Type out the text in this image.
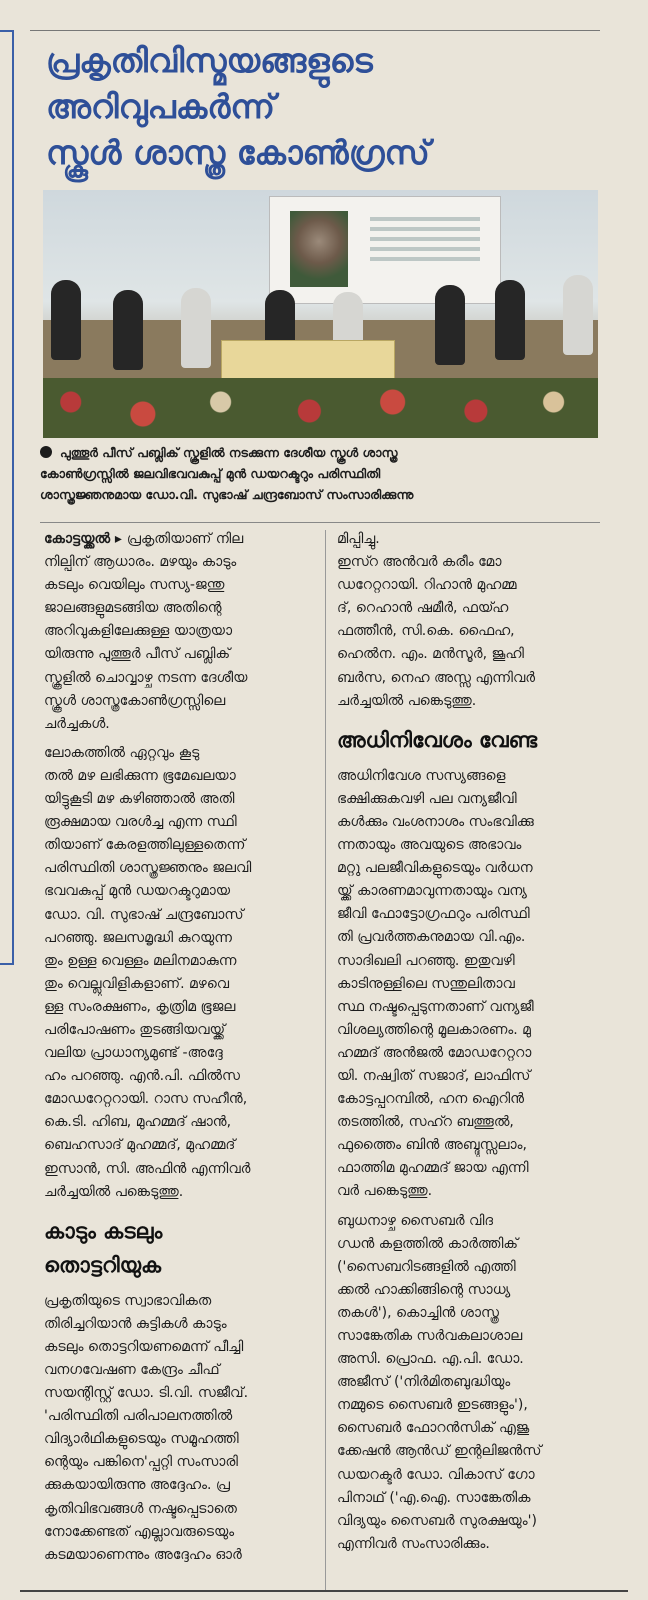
പ്രകൃതിവിസ്മയങ്ങളുടെ
അറിവുപകർന്ന്
സ്കൂൾ ശാസ്ത്ര കോൺഗ്രസ്

പുത്തൂർ പീസ് പബ്ലിക് സ്കൂളിൽ നടക്കുന്ന ദേശീയ സ്കൂൾ ശാസ്ത്ര
കോൺഗ്രസ്സിൽ ജലവിഭവവകുപ്പ് മുൻ ഡയറക്ടറും പരിസ്ഥിതി
ശാസ്ത്രജ്ഞനുമായ ഡോ.വി. സുഭാഷ് ചന്ദ്രബോസ് സംസാരിക്കുന്നു

കോട്ടയ്ക്കൽ ▸ പ്രകൃതിയാണ് നില
നില്പിന് ആധാരം. മഴയും കാടും
കടലും വെയിലും സസ്യ-ജന്തു
ജാലങ്ങളുമടങ്ങിയ അതിന്റെ
അറിവുകളിലേക്കുള്ള യാത്രയാ
യിരുന്നു പുത്തൂർ പീസ് പബ്ലിക്
സ്കൂളിൽ ചൊവ്വാഴ്ച നടന്ന ദേശീയ
സ്കൂൾ ശാസ്ത്രകോൺഗ്രസ്സിലെ
ചർച്ചകൾ.
ലോകത്തിൽ ഏറ്റവും കൂടു
തൽ മഴ ലഭിക്കുന്ന ഭൂമേഖലയാ
യിട്ടുകൂടി മഴ കഴിഞ്ഞാൽ അതി
രൂക്ഷമായ വരൾച്ച എന്ന സ്ഥി
തിയാണ് കേരളത്തിലുള്ളതെന്ന്
പരിസ്ഥിതി ശാസ്ത്രജ്ഞനും ജലവി
ഭവവകുപ്പ് മുൻ ഡയറക്ടറുമായ
ഡോ. വി. സുഭാഷ് ചന്ദ്രബോസ്
പറഞ്ഞു. ജലസമൃദ്ധി കുറയുന്ന
തും ഉള്ള വെള്ളം മലിനമാകുന്ന
തും വെല്ലുവിളികളാണ്. മഴവെ
ള്ള സംരക്ഷണം, കൃത്രിമ ഭൂജല
പരിപോഷണം തുടങ്ങിയവയ്ക്ക്
വലിയ പ്രാധാന്യമുണ്ട് -അദ്ദേ
ഹം പറഞ്ഞു. എൻ.പി. ഫിൽസ
മോഡറേറ്ററായി. റാസ സഹീൻ,
കെ.ടി. ഹിബ, മുഹമ്മദ് ഷാൻ,
ബെഹസാദ് മുഹമ്മദ്, മുഹമ്മദ്
ഇസാൻ, സി. അഫിൻ എന്നിവർ
ചർച്ചയിൽ പങ്കെടുത്തു.
കാടും കടലും
തൊട്ടറിയുക
പ്രകൃതിയുടെ സ്വാഭാവികത
തിരിച്ചറിയാൻ കുട്ടികൾ കാടും
കടലും തൊട്ടറിയണമെന്ന് പീച്ചി
വനഗവേഷണ കേന്ദ്രം ചീഫ്
സയന്റിസ്റ്റ് ഡോ. ടി.വി. സജീവ്.
'പരിസ്ഥിതി പരിപാലനത്തിൽ
വിദ്യാർഥികളുടെയും സമൂഹത്തി
ന്റെയും പങ്കിനെ'പ്പറ്റി സംസാരി
ക്കുകയായിരുന്നു അദ്ദേഹം. പ്ര
കൃതിവിഭവങ്ങൾ നഷ്ടപ്പെടാതെ
നോക്കേണ്ടത് എല്ലാവരുടെയും
കടമയാണെന്നും അദ്ദേഹം ഓർ
മിപ്പിച്ചു.
ഇസ്റ അൻവർ കരീം മോ
ഡറേറ്ററായി. റിഹാൻ മുഹമ്മ
ദ്, റെഹാൻ ഷമീർ, ഫയ്ഹ
ഫത്തീൻ, സി.കെ. ഫൈഹ,
ഹെൽന. എം. മൻസൂർ, ജൂഹി
ബർസ, നെഹ അസ്സ എന്നിവർ
ചർച്ചയിൽ പങ്കെടുത്തു.
അധിനിവേശം വേണ്ട
അധിനിവേശ സസ്യങ്ങളെ
ഭക്ഷിക്കുകവഴി പല വന്യജീവി
കൾക്കും വംശനാശം സംഭവിക്കു
ന്നതായും അവയുടെ അഭാവം
മറ്റു പലജീവികളുടെയും വർധന
യ്ക്ക് കാരണമാവുന്നതായും വന്യ
ജീവി ഫോട്ടോഗ്രഫറും പരിസ്ഥി
തി പ്രവർത്തകനുമായ വി.എം.
സാദിഖലി പറഞ്ഞു. ഇതുവഴി
കാടിനുള്ളിലെ സന്തുലിതാവ
സ്ഥ നഷ്ടപ്പെടുന്നതാണ് വന്യജീ
വിശല്യത്തിന്റെ മൂലകാരണം. മു
ഹമ്മദ് അൻജൽ മോഡറേറ്ററാ
യി. നഷ്വിത് സജാദ്, ലാഫിസ്
കോട്ടപ്പറമ്പിൽ, ഹന ഐറിൻ
തടത്തിൽ, സഹ്റ ബത്തൂൽ,
ഫുത്തൈം ബിൻ അബ്ദുസ്സലാം,
ഫാത്തിമ മുഹമ്മദ് ജായ എന്നി
വർ പങ്കെടുത്തു.
ബുധനാഴ്ച സൈബർ വിദ
ഗ്ധൻ കളത്തിൽ കാർത്തിക്
('സൈബറിടങ്ങളിൽ എത്തി
ക്കൽ ഹാക്കിങ്ങിന്റെ സാധ്യ
തകൾ'), കൊച്ചിൻ ശാസ്ത്ര
സാങ്കേതിക സർവകലാശാല
അസി. പ്രൊഫ. എ.പി. ഡോ.
അജീസ് ('നിർമിതബുദ്ധിയും
നമ്മുടെ സൈബർ ഇടങ്ങളും'),
സൈബർ ഫോറൻസിക് എജു
ക്കേഷൻ ആൻഡ് ഇന്റലിജൻസ്
ഡയറക്ടർ ഡോ. വികാസ് ഗോ
പിനാഥ് ('എ.ഐ. സാങ്കേതിക
വിദ്യയും സൈബർ സുരക്ഷയും')
എന്നിവർ സംസാരിക്കും.
